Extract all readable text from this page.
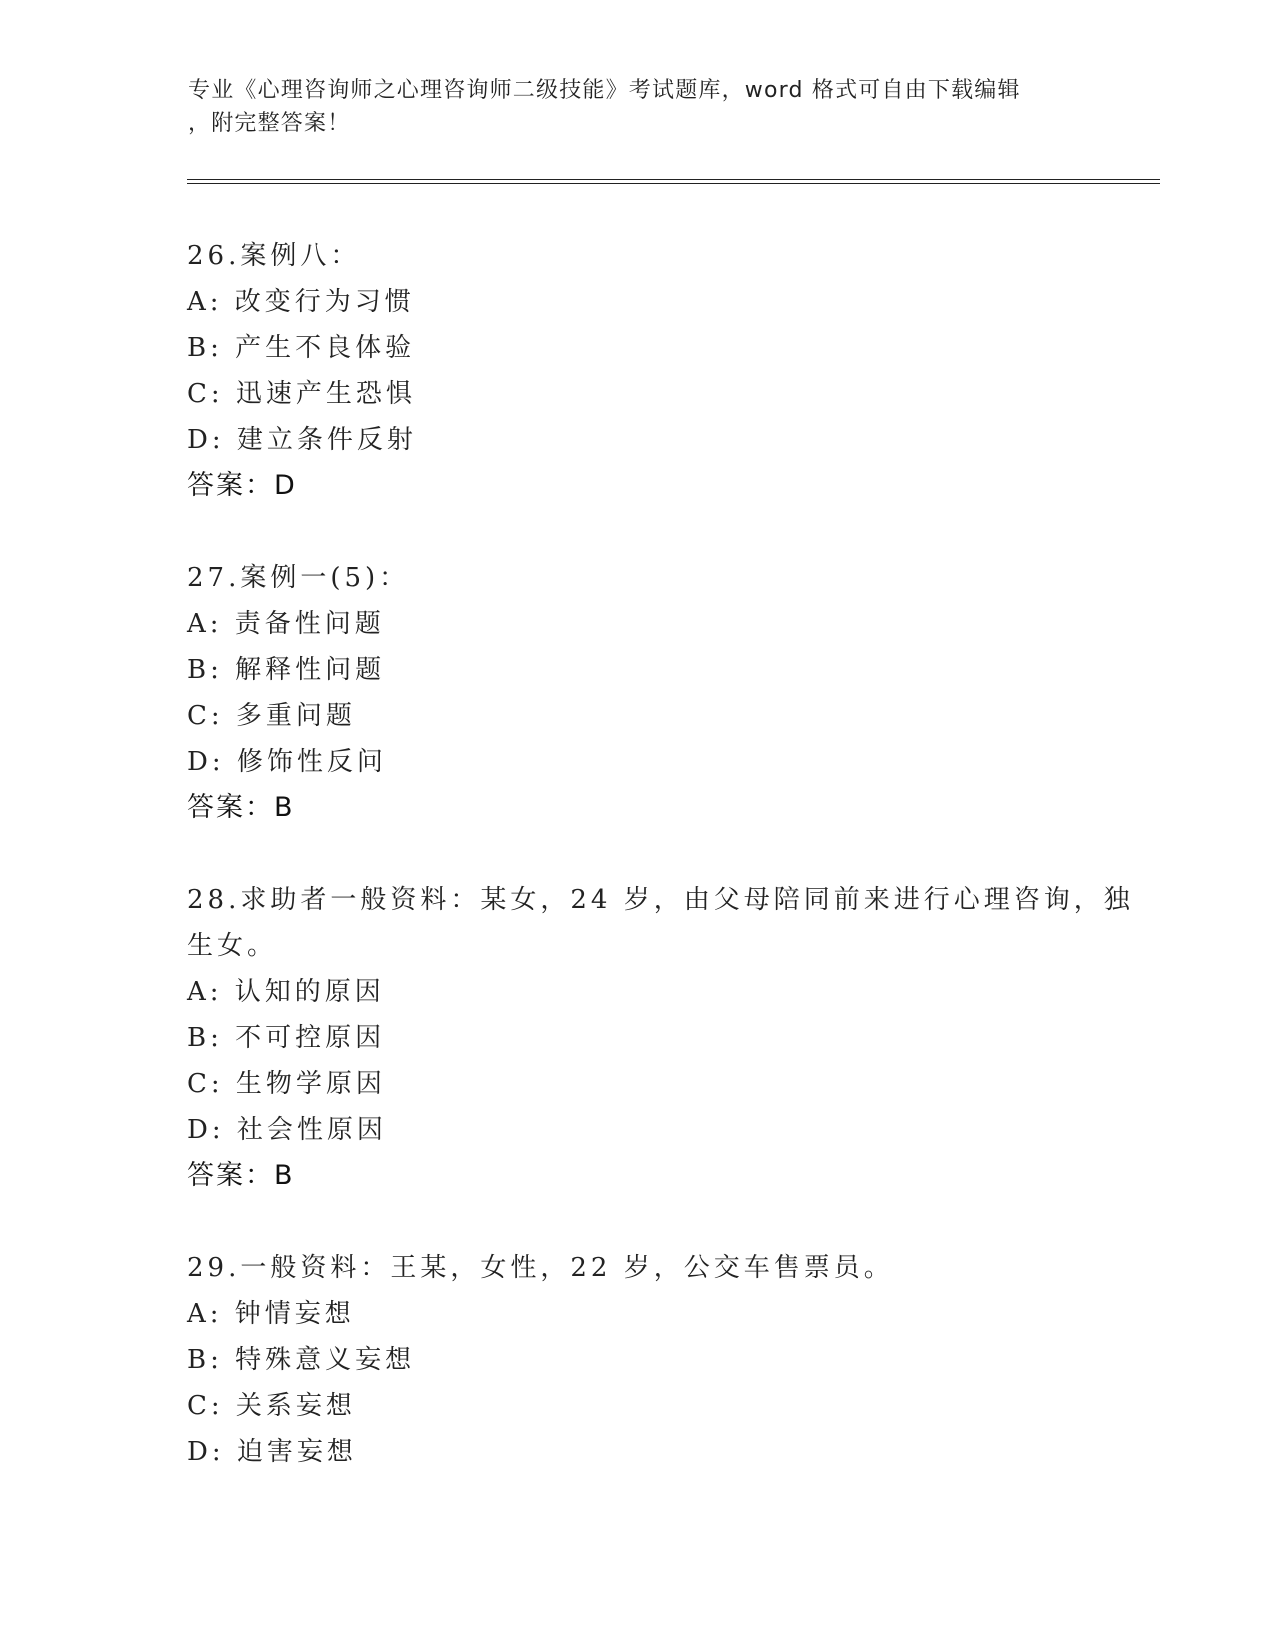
专业《心理咨询师之心理咨询师二级技能》考试题库，word 格式可自由下载编辑
，附完整答案！
26.案例八：
A: 改变行为习惯
B: 产生不良体验
C: 迅速产生恐惧
D: 建立条件反射
答案：D
27.案例一(5)：
A: 责备性问题
B: 解释性问题
C: 多重问题
D: 修饰性反问
答案：B
28.求助者一般资料：某女，24 岁，由父母陪同前来进行心理咨询，独
生女。
A: 认知的原因
B: 不可控原因
C: 生物学原因
D: 社会性原因
答案：B
29.一般资料：王某，女性，22 岁，公交车售票员。
A: 钟情妄想
B: 特殊意义妄想
C: 关系妄想
D: 迫害妄想
